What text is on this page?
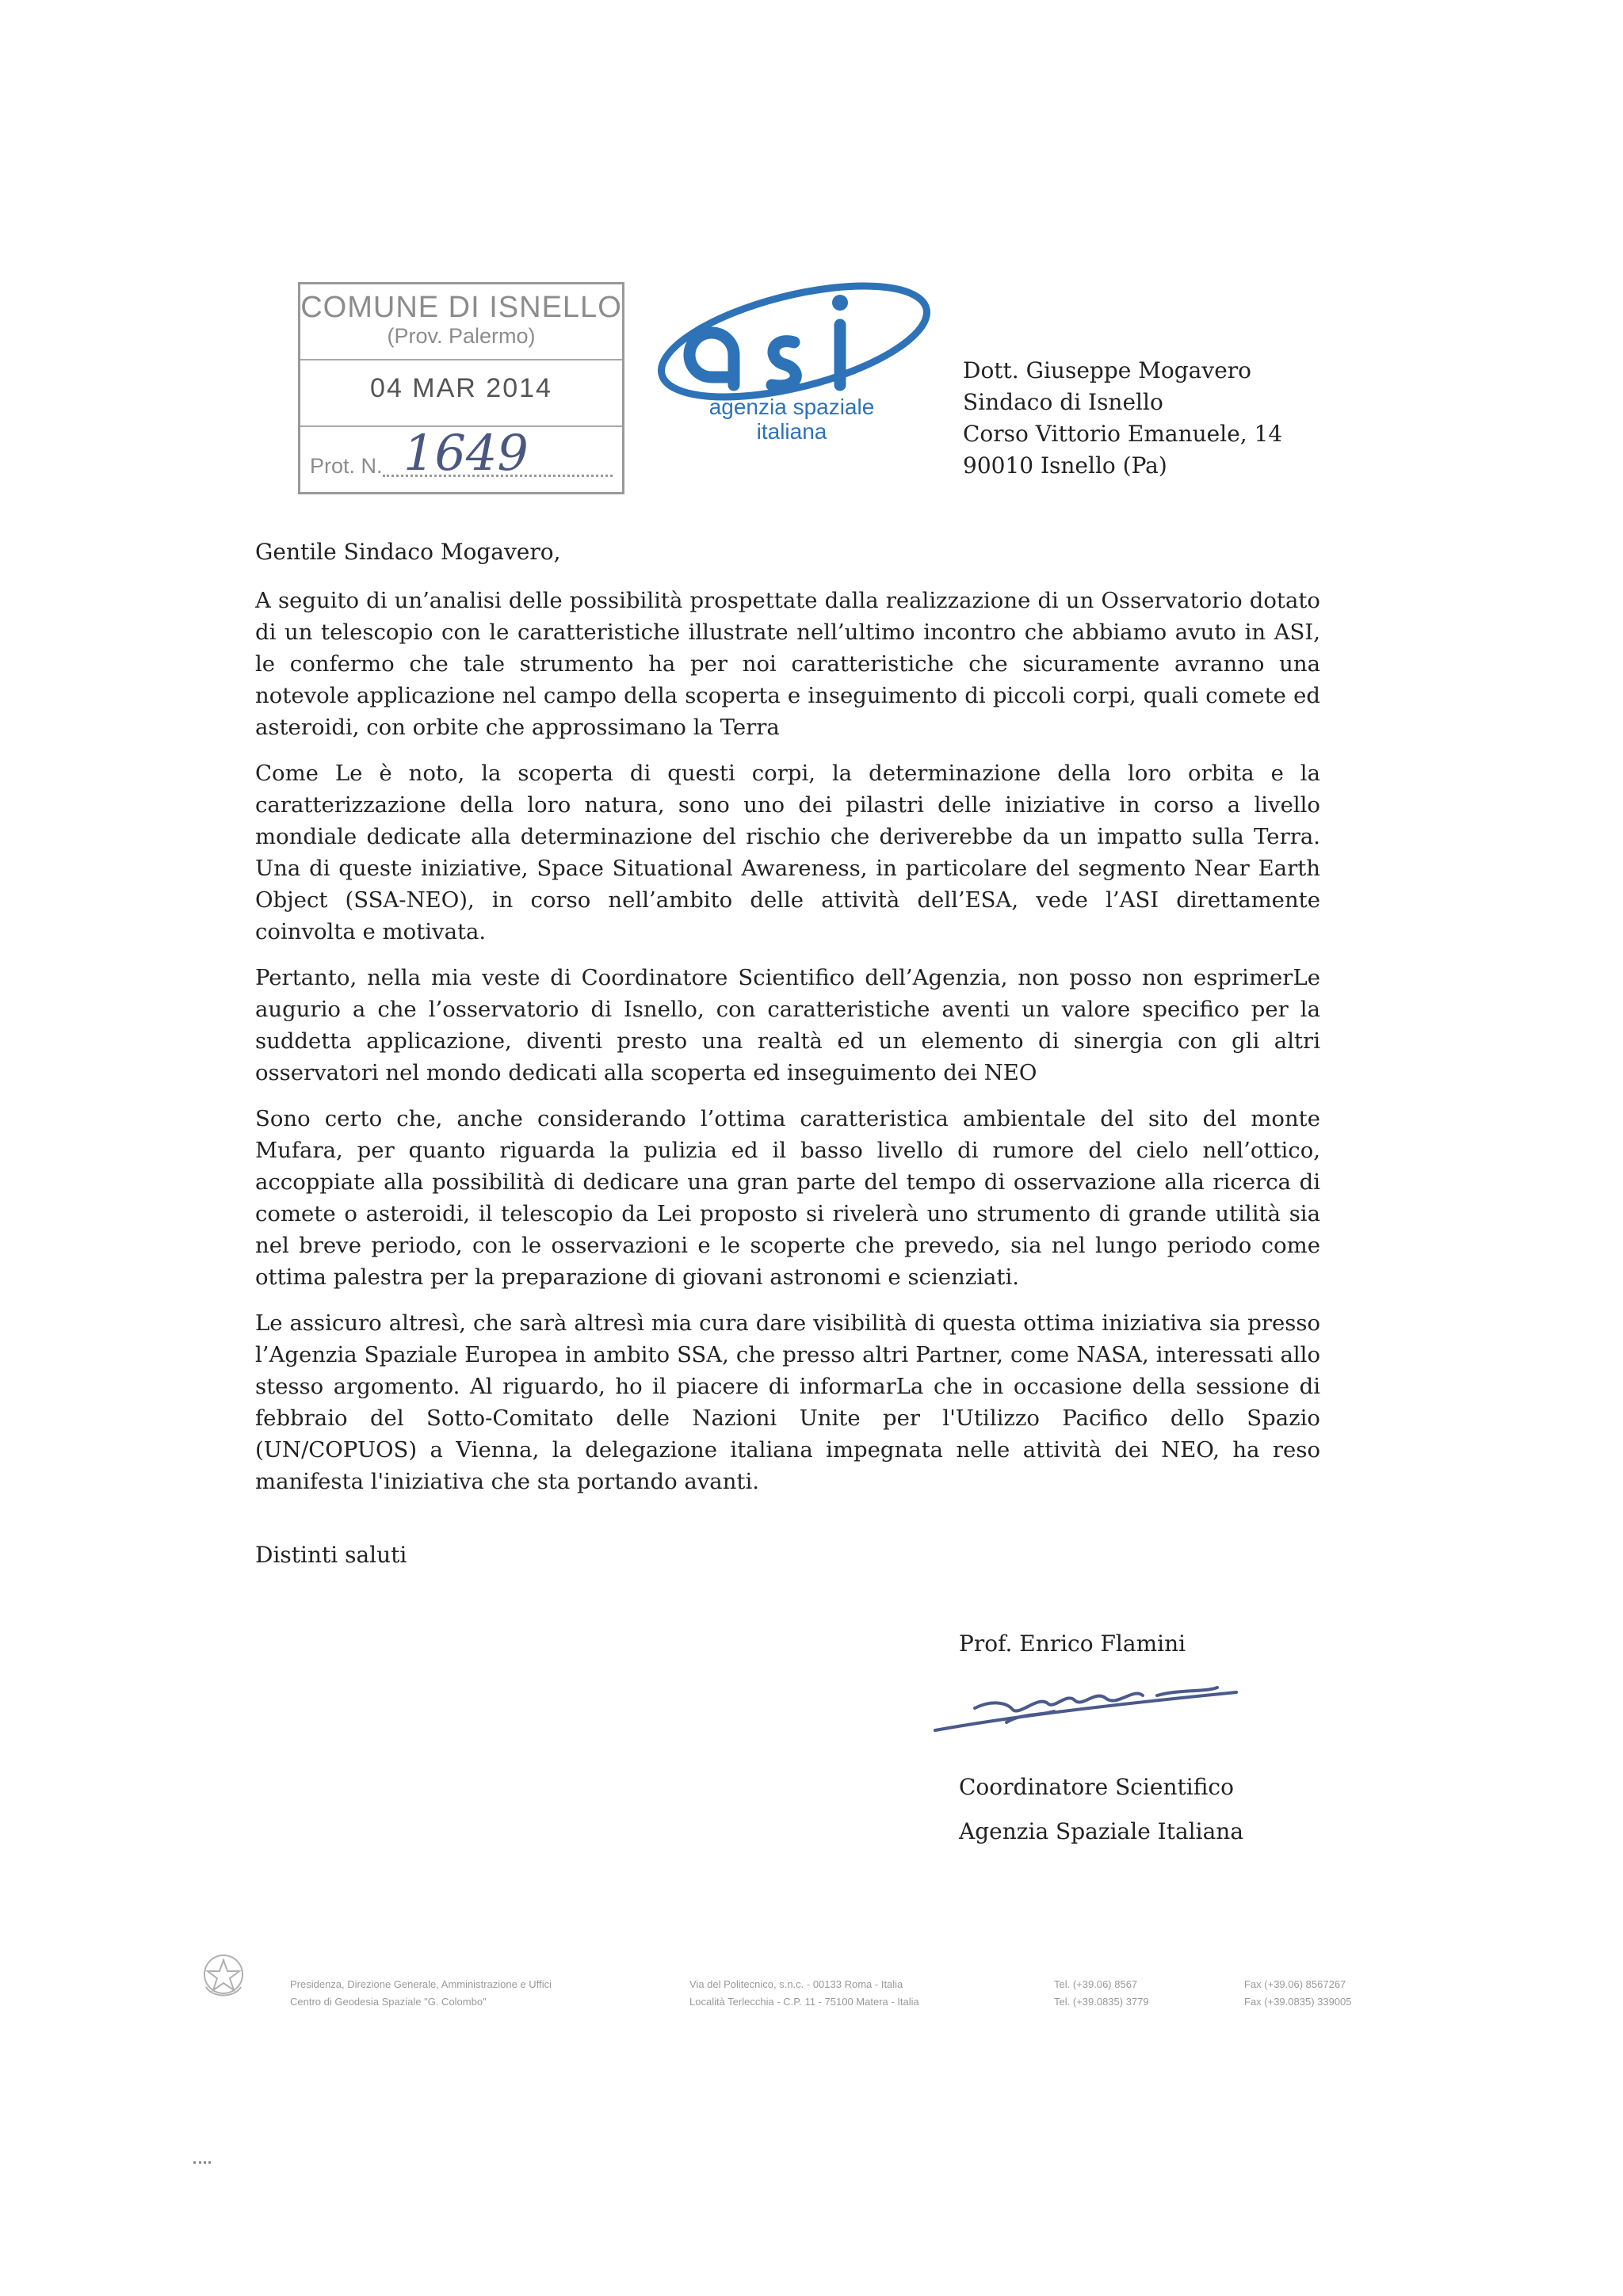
COMUNE DI ISNELLO
(Prov. Palermo)
04 MAR 2014
Prot. N. 1649
agenzia spaziale
italiana
Dott. Giuseppe Mogavero
Sindaco di Isnello
Corso Vittorio Emanuele, 14
90010 Isnello (Pa)
Gentile Sindaco Mogavero,

A seguito di un’analisi delle possibilità prospettate dalla realizzazione di un Osservatorio dotato di un telescopio con le caratteristiche illustrate nell’ultimo incontro che abbiamo avuto in ASI, le confermo che tale strumento ha per noi caratteristiche che sicuramente avranno una notevole applicazione nel campo della scoperta e inseguimento di piccoli corpi, quali comete ed asteroidi, con orbite che approssimano la Terra

Come Le è noto, la scoperta di questi corpi, la determinazione della loro orbita e la caratterizzazione della loro natura, sono uno dei pilastri delle iniziative in corso a livello mondiale dedicate alla determinazione del rischio che deriverebbe da un impatto sulla Terra. Una di queste iniziative, Space Situational Awareness, in particolare del segmento Near Earth Object (SSA-NEO), in corso nell’ambito delle attività dell’ESA, vede l’ASI direttamente coinvolta e motivata.

Pertanto, nella mia veste di Coordinatore Scientifico dell’Agenzia, non posso non esprimerLe augurio a che l’osservatorio di Isnello, con caratteristiche aventi un valore specifico per la suddetta applicazione, diventi presto una realtà ed un elemento di sinergia con gli altri osservatori nel mondo dedicati alla scoperta ed inseguimento dei NEO

Sono certo che, anche considerando l’ottima caratteristica ambientale del sito del monte Mufara, per quanto riguarda la pulizia ed il basso livello di rumore del cielo nell’ottico, accoppiate alla possibilità di dedicare una gran parte del tempo di osservazione alla ricerca di comete o asteroidi, il telescopio da Lei proposto si rivelerà uno strumento di grande utilità sia nel breve periodo, con le osservazioni e le scoperte che prevedo, sia nel lungo periodo come ottima palestra per la preparazione di giovani astronomi e scienziati.

Le assicuro altresì, che sarà altresì mia cura dare visibilità di questa ottima iniziativa sia presso l’Agenzia Spaziale Europea in ambito SSA, che presso altri Partner, come NASA, interessati allo stesso argomento. Al riguardo, ho il piacere di informarLa che in occasione della sessione di febbraio del Sotto-Comitato delle Nazioni Unite per l'Utilizzo Pacifico dello Spazio (UN/COPUOS) a Vienna, la delegazione italiana impegnata nelle attività dei NEO, ha reso manifesta l'iniziativa che sta portando avanti.

Distinti saluti
Prof. Enrico Flamini
Coordinatore Scientifico
Agenzia Spaziale Italiana
Presidenza, Direzione Generale, Amministrazione e Uffici
Centro di Geodesia Spaziale "G. Colombo"
Via del Politecnico, s.n.c. - 00133 Roma - Italia
Località Terlecchia - C.P. 11 - 75100 Matera - Italia
Tel. (+39.06) 8567
Tel. (+39.0835) 3779
Fax (+39.06) 8567267
Fax (+39.0835) 339005
